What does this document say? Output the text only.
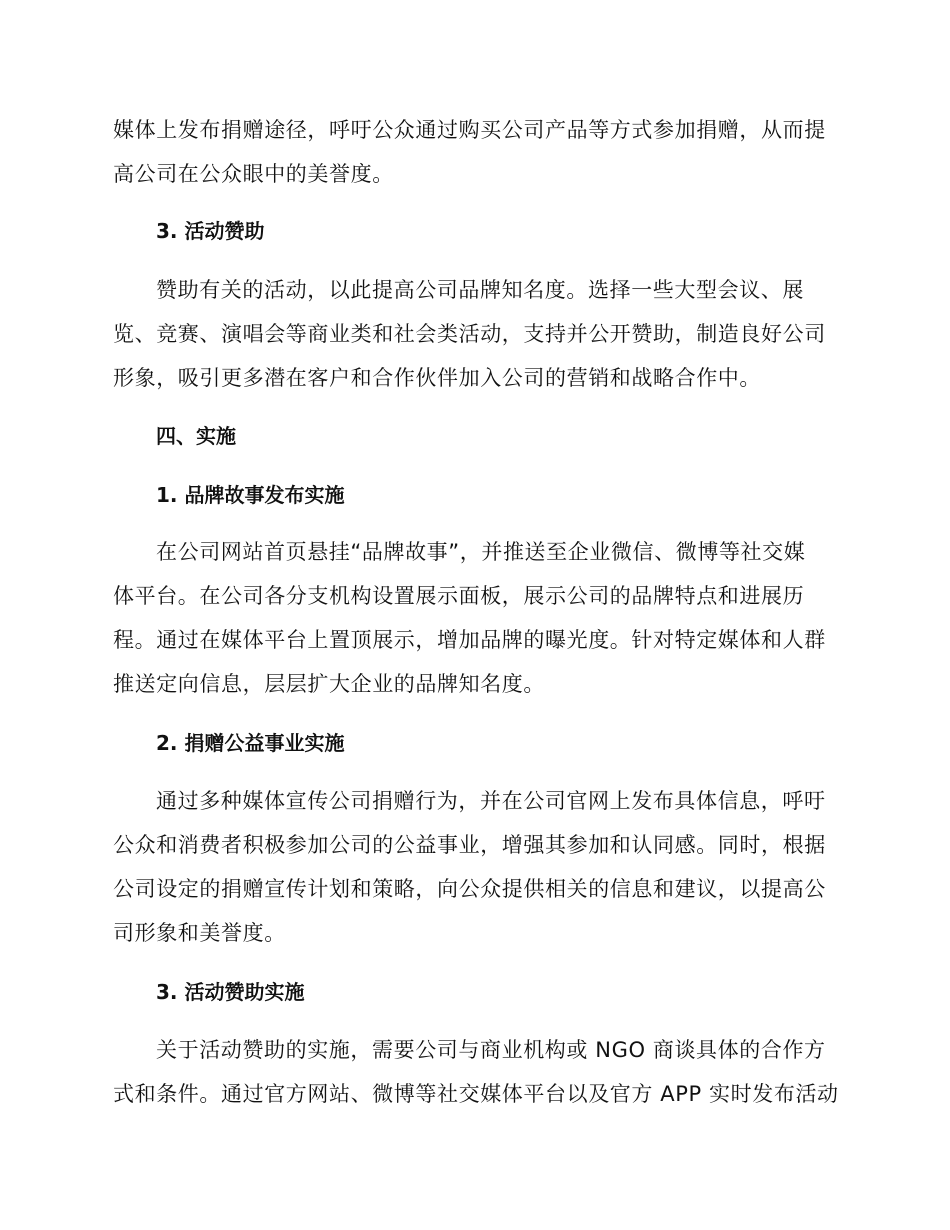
媒体上发布捐赠途径，呼吁公众通过购买公司产品等方式参加捐赠，从而提
高公司在公众眼中的美誉度。
3. 活动赞助
赞助有关的活动，以此提高公司品牌知名度。选择一些大型会议、展
览、竞赛、演唱会等商业类和社会类活动，支持并公开赞助，制造良好公司
形象，吸引更多潜在客户和合作伙伴加入公司的营销和战略合作中。
四、实施
1. 品牌故事发布实施
在公司网站首页悬挂“品牌故事”，并推送至企业微信、微博等社交媒
体平台。在公司各分支机构设置展示面板，展示公司的品牌特点和进展历
程。通过在媒体平台上置顶展示，增加品牌的曝光度。针对特定媒体和人群
推送定向信息，层层扩大企业的品牌知名度。
2. 捐赠公益事业实施
通过多种媒体宣传公司捐赠行为，并在公司官网上发布具体信息，呼吁
公众和消费者积极参加公司的公益事业，增强其参加和认同感。同时，根据
公司设定的捐赠宣传计划和策略，向公众提供相关的信息和建议，以提高公
司形象和美誉度。
3. 活动赞助实施
关于活动赞助的实施，需要公司与商业机构或 NGO 商谈具体的合作方
式和条件。通过官方网站、微博等社交媒体平台以及官方 APP 实时发布活动
